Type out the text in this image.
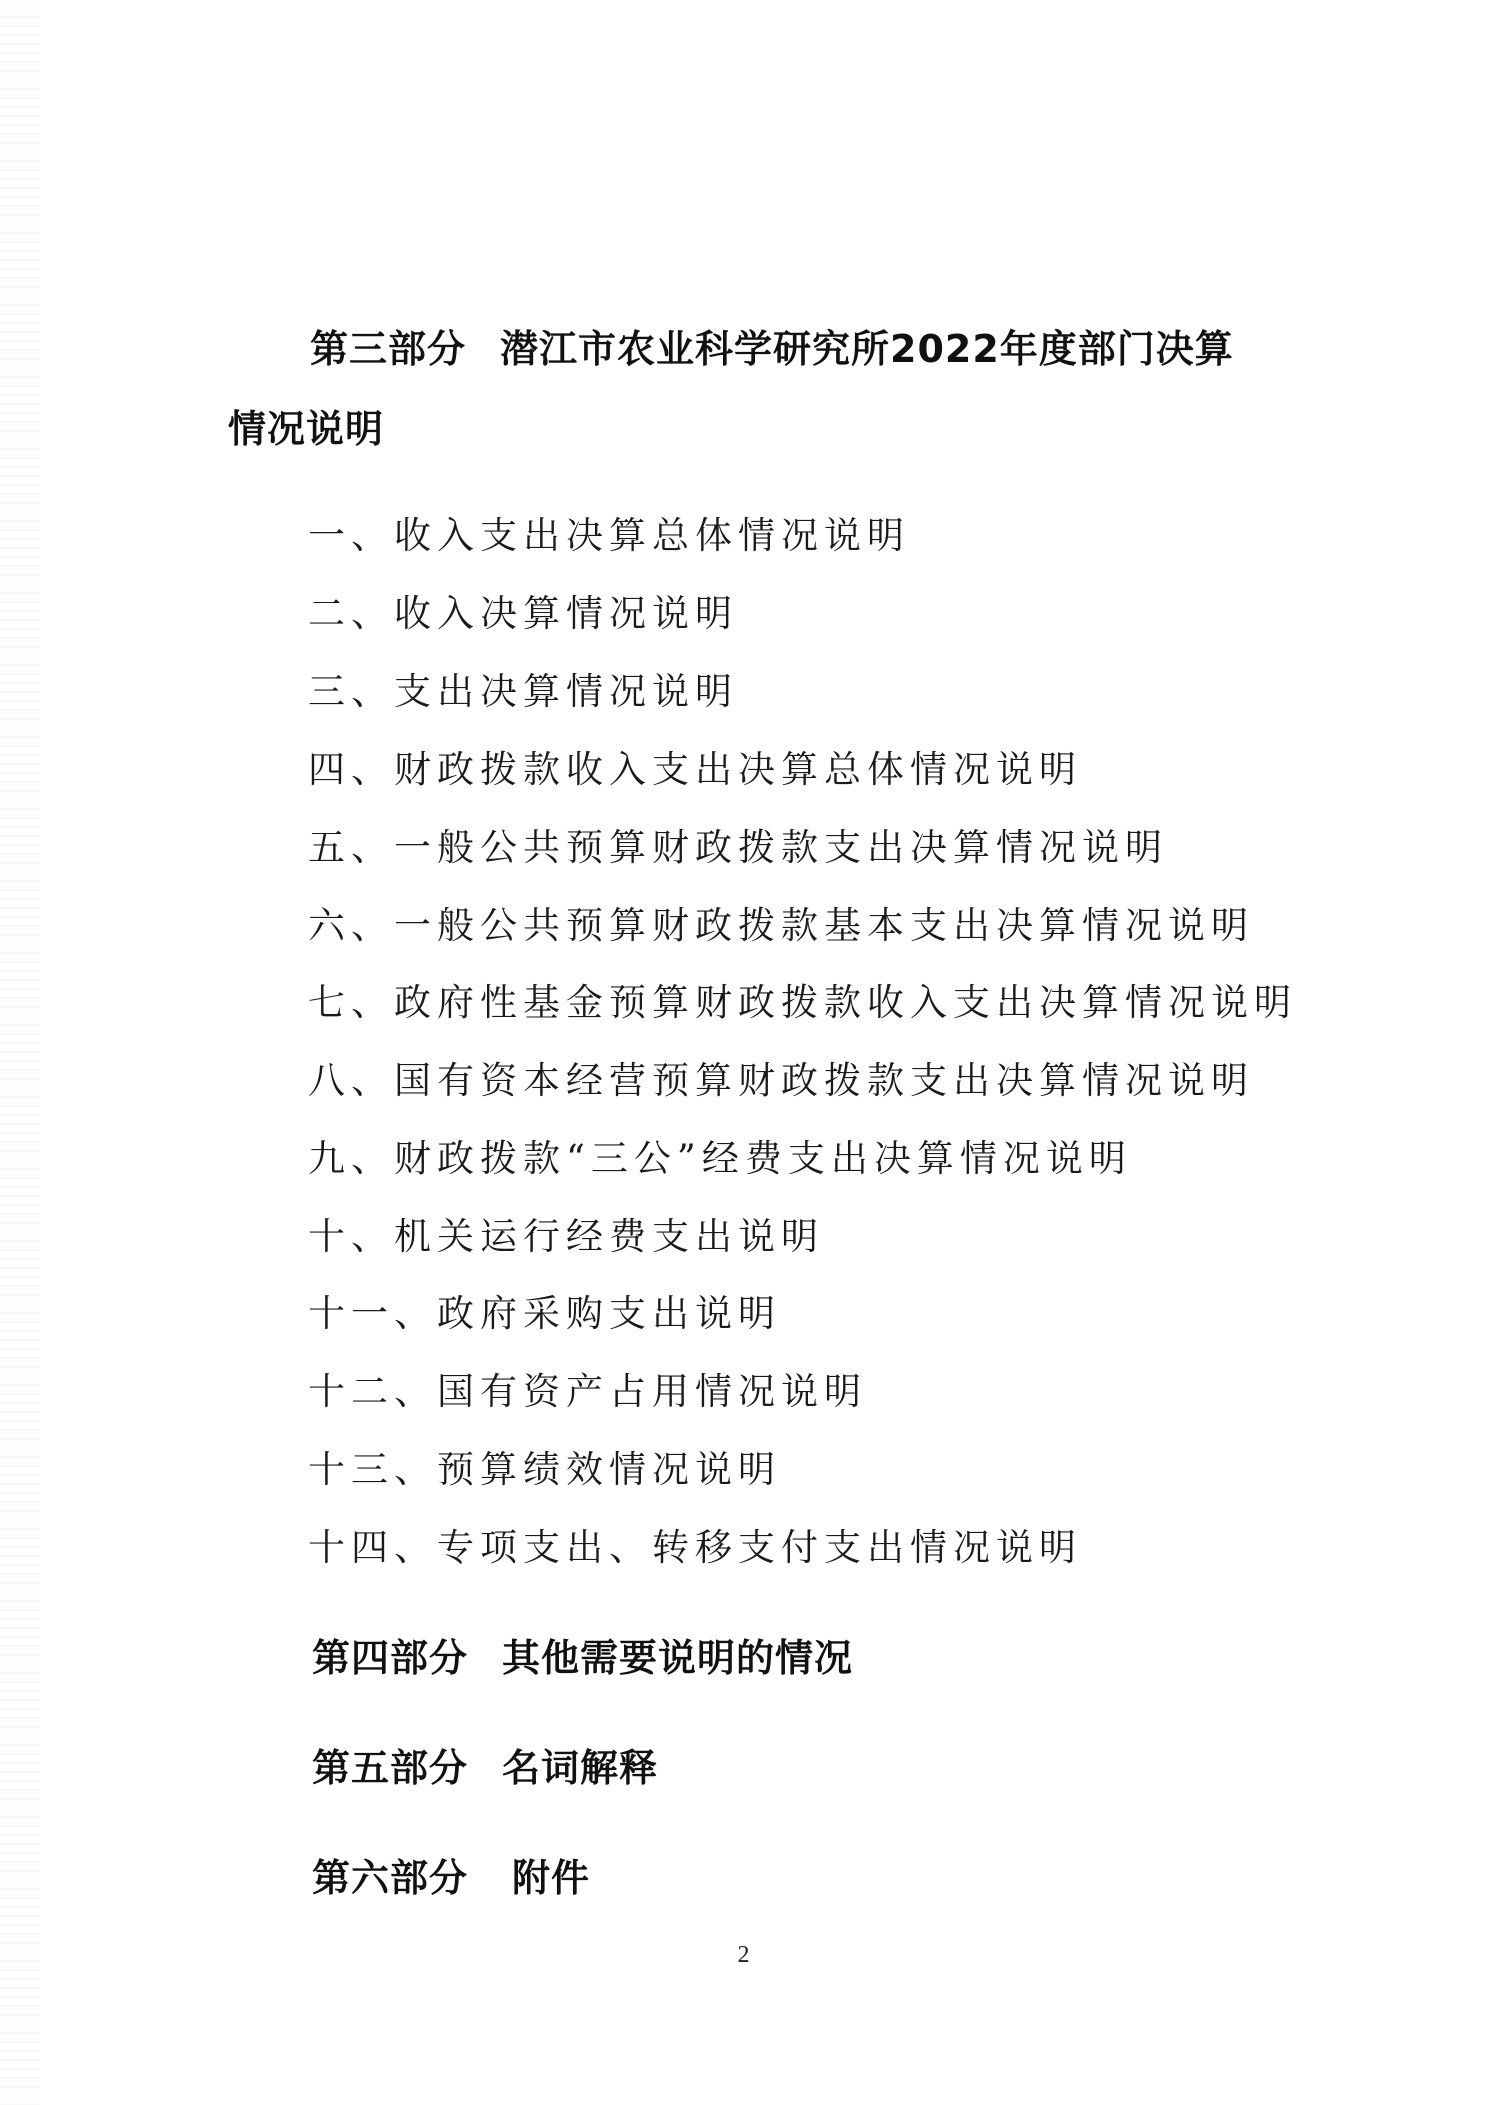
第三部分 潜江市农业科学研究所2022年度部门决算
情况说明
一、收入支出决算总体情况说明
二、收入决算情况说明
三、支出决算情况说明
四、财政拨款收入支出决算总体情况说明
五、一般公共预算财政拨款支出决算情况说明
六、一般公共预算财政拨款基本支出决算情况说明
七、政府性基金预算财政拨款收入支出决算情况说明
八、国有资本经营预算财政拨款支出决算情况说明
九、财政拨款“三公”经费支出决算情况说明
十、机关运行经费支出说明
十一、政府采购支出说明
十二、国有资产占用情况说明
十三、预算绩效情况说明
十四、专项支出、转移支付支出情况说明
第四部分 其他需要说明的情况
第五部分 名词解释
第六部分 附件
2
